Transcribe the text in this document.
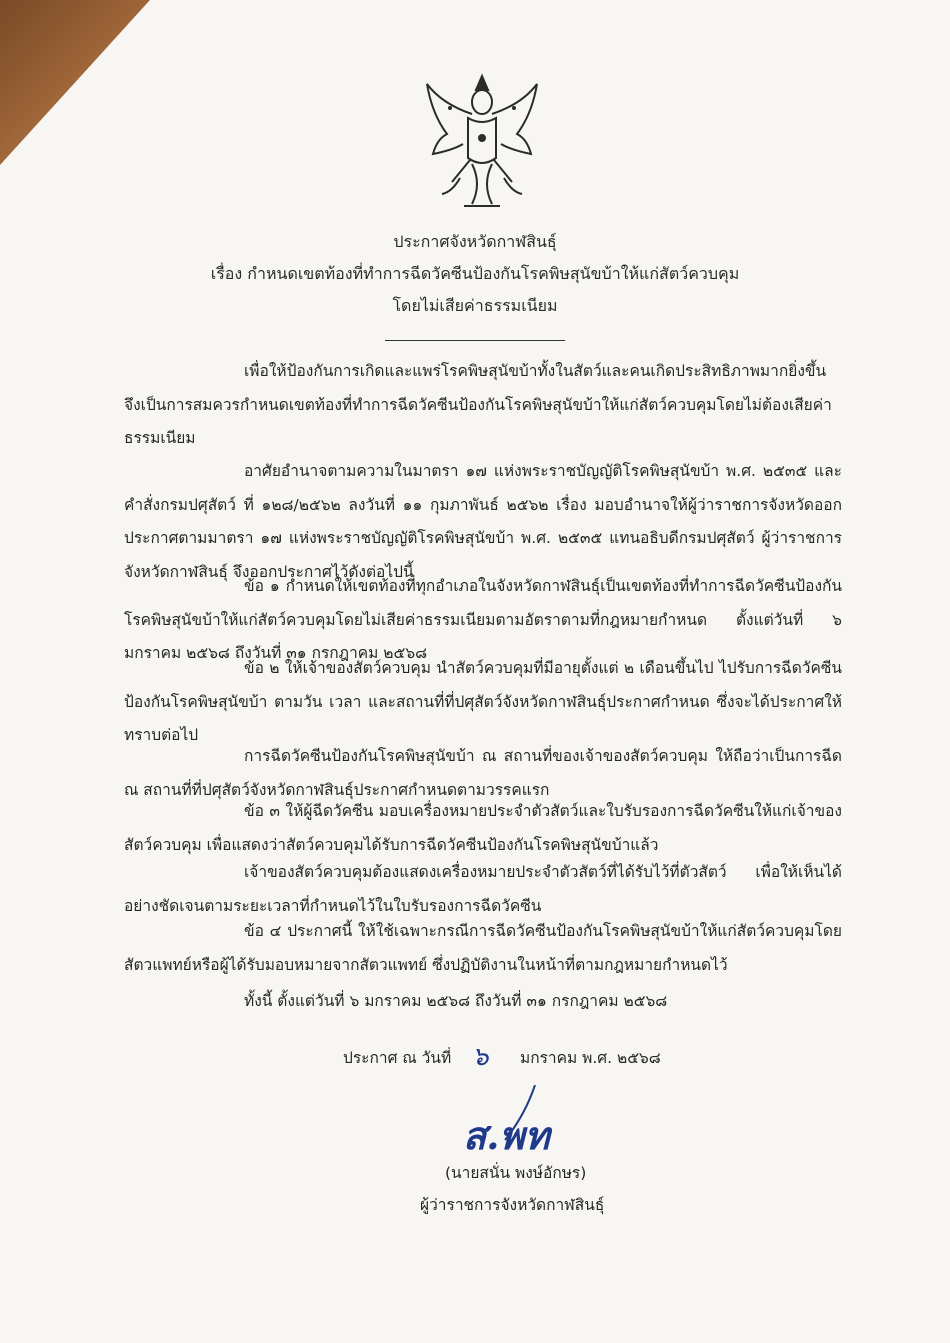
ประกาศจังหวัดกาฬสินธุ์
เรื่อง กำหนดเขตท้องที่ทำการฉีดวัคซีนป้องกันโรคพิษสุนัขบ้าให้แก่สัตว์ควบคุม
โดยไม่เสียค่าธรรมเนียม
เพื่อให้ป้องกันการเกิดและแพร่โรคพิษสุนัขบ้าทั้งในสัตว์และคนเกิดประสิทธิภาพมากยิ่งขึ้น จึงเป็นการสมควรกำหนดเขตท้องที่ทำการฉีดวัคซีนป้องกันโรคพิษสุนัขบ้าให้แก่สัตว์ควบคุมโดยไม่ต้องเสียค่าธรรมเนียม
อาศัยอำนาจตามความในมาตรา ๑๗ แห่งพระราชบัญญัติโรคพิษสุนัขบ้า พ.ศ. ๒๕๓๕ และคำสั่งกรมปศุสัตว์ ที่ ๑๒๘/๒๕๖๒ ลงวันที่ ๑๑ กุมภาพันธ์ ๒๕๖๒ เรื่อง มอบอำนาจให้ผู้ว่าราชการจังหวัดออกประกาศตามมาตรา ๑๗ แห่งพระราชบัญญัติโรคพิษสุนัขบ้า พ.ศ. ๒๕๓๕ แทนอธิบดีกรมปศุสัตว์ ผู้ว่าราชการจังหวัดกาฬสินธุ์ จึงออกประกาศไว้ดังต่อไปนี้
ข้อ ๑ กำหนดให้เขตท้องที่ทุกอำเภอในจังหวัดกาฬสินธุ์เป็นเขตท้องที่ทำการฉีดวัคซีนป้องกันโรคพิษสุนัขบ้าให้แก่สัตว์ควบคุมโดยไม่เสียค่าธรรมเนียมตามอัตราตามที่กฎหมายกำหนด ตั้งแต่วันที่ ๖ มกราคม ๒๕๖๘ ถึงวันที่ ๓๑ กรกฎาคม ๒๕๖๘
ข้อ ๒ ให้เจ้าของสัตว์ควบคุม นำสัตว์ควบคุมที่มีอายุตั้งแต่ ๒ เดือนขึ้นไป ไปรับการฉีดวัคซีนป้องกันโรคพิษสุนัขบ้า ตามวัน เวลา และสถานที่ที่ปศุสัตว์จังหวัดกาฬสินธุ์ประกาศกำหนด ซึ่งจะได้ประกาศให้ทราบต่อไป
การฉีดวัคซีนป้องกันโรคพิษสุนัขบ้า ณ สถานที่ของเจ้าของสัตว์ควบคุม ให้ถือว่าเป็นการฉีด ณ สถานที่ที่ปศุสัตว์จังหวัดกาฬสินธุ์ประกาศกำหนดตามวรรคแรก
ข้อ ๓ ให้ผู้ฉีดวัคซีน มอบเครื่องหมายประจำตัวสัตว์และใบรับรองการฉีดวัคซีนให้แก่เจ้าของสัตว์ควบคุม เพื่อแสดงว่าสัตว์ควบคุมได้รับการฉีดวัคซีนป้องกันโรคพิษสุนัขบ้าแล้ว
เจ้าของสัตว์ควบคุมต้องแสดงเครื่องหมายประจำตัวสัตว์ที่ได้รับไว้ที่ตัวสัตว์ เพื่อให้เห็นได้อย่างชัดเจนตามระยะเวลาที่กำหนดไว้ในใบรับรองการฉีดวัคซีน
ข้อ ๔ ประกาศนี้ ให้ใช้เฉพาะกรณีการฉีดวัคซีนป้องกันโรคพิษสุนัขบ้าให้แก่สัตว์ควบคุมโดยสัตวแพทย์หรือผู้ได้รับมอบหมายจากสัตวแพทย์ ซึ่งปฏิบัติงานในหน้าที่ตามกฎหมายกำหนดไว้
ทั้งนี้ ตั้งแต่วันที่ ๖ มกราคม ๒๕๖๘ ถึงวันที่ ๓๑ กรกฎาคม ๒๕๖๘
ประกาศ ณ วันที่ ๖ มกราคม พ.ศ. ๒๕๖๘
ส.พท
(นายสนั่น พงษ์อักษร)
ผู้ว่าราชการจังหวัดกาฬสินธุ์
